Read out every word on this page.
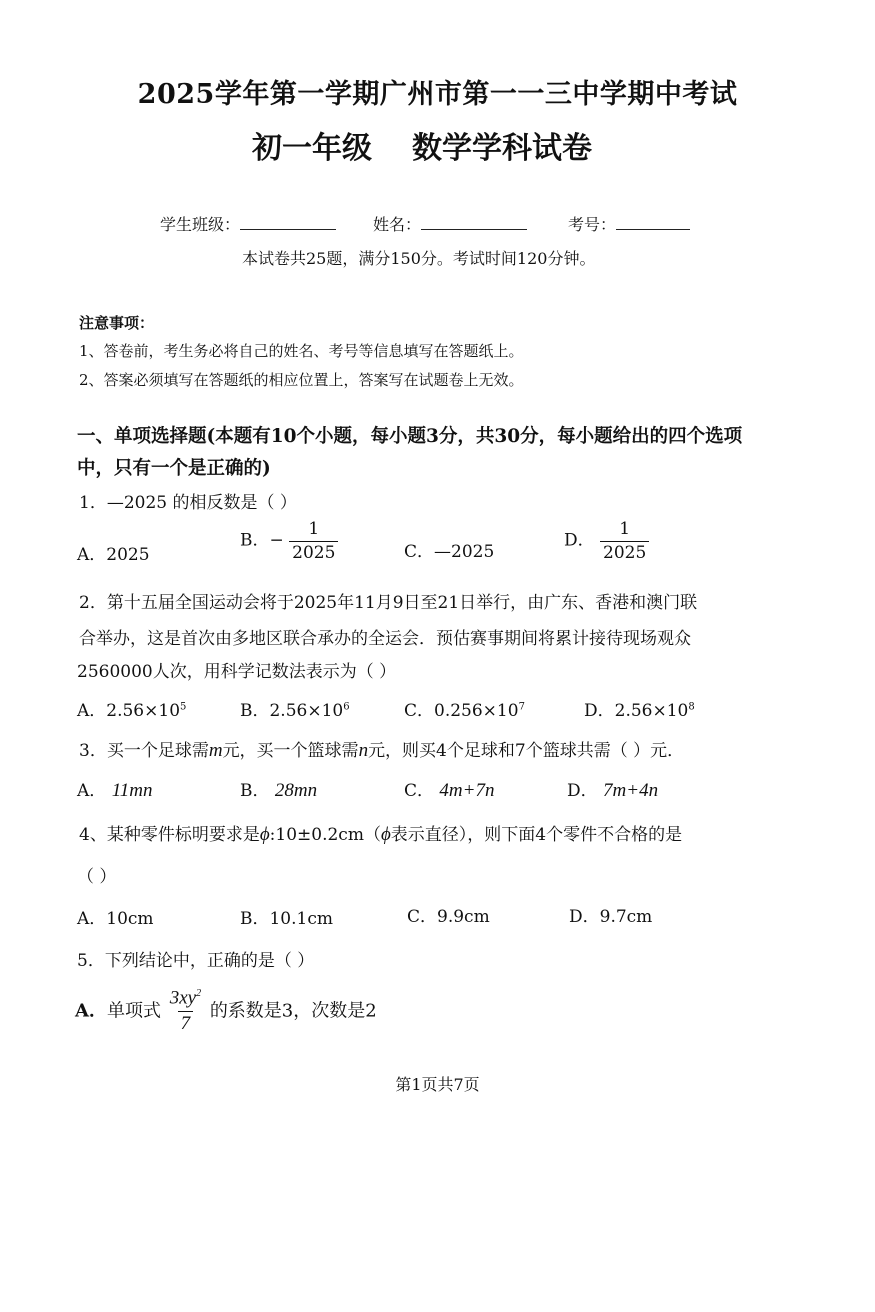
2025学年第一学期广州市第一一三中学期中考试
初一年级 数学学科试卷
学生班级：	姓名：	考号：
本试卷共25题，满分150分。考试时间120分钟。
注意事项：
1、答卷前，考生务必将自己的姓名、考号等信息填写在答题纸上。
2、答案必须填写在答题纸的相应位置上，答案写在试题卷上无效。
一、单项选择题(本题有10个小题，每小题3分，共30分，每小题给出的四个选项
中，只有一个是正确的)
1．—2025 的相反数是（ ）
A．2025
B．− $\frac{1}{2025}$	C．—2025
D． $\frac{1}{2025}$
2．第十五届全国运动会将于2025年11月9日至21日举行，由广东、香港和澳门联
合举办，这是首次由多地区联合承办的全运会．预估赛事期间将累计接待现场观众
2560000人次，用科学记数法表示为（ ）
A．$2.56\times 10^5$	B．$2.56\times 10^6$	C．$0.256\times 10^7$	D．$2.56\times 10^8$
3．买一个足球需m元，买一个篮球需n元，则买4个足球和7个篮球共需（ ）元．
A． 11mn	B． 28mn	C． 4m+7n	D． 7m+4n
4、某种零件标明要求是ϕ:10±0.2cm（ϕ表示直径），则下面4个零件不合格的是
（ ）
A．10cm	B．10.1cm	C．9.9cm	D．9.7cm
5．下列结论中，正确的是（ ）
A．单项式 $\frac{3xy^2}{7}$ 的系数是3，次数是2
第1页共7页
